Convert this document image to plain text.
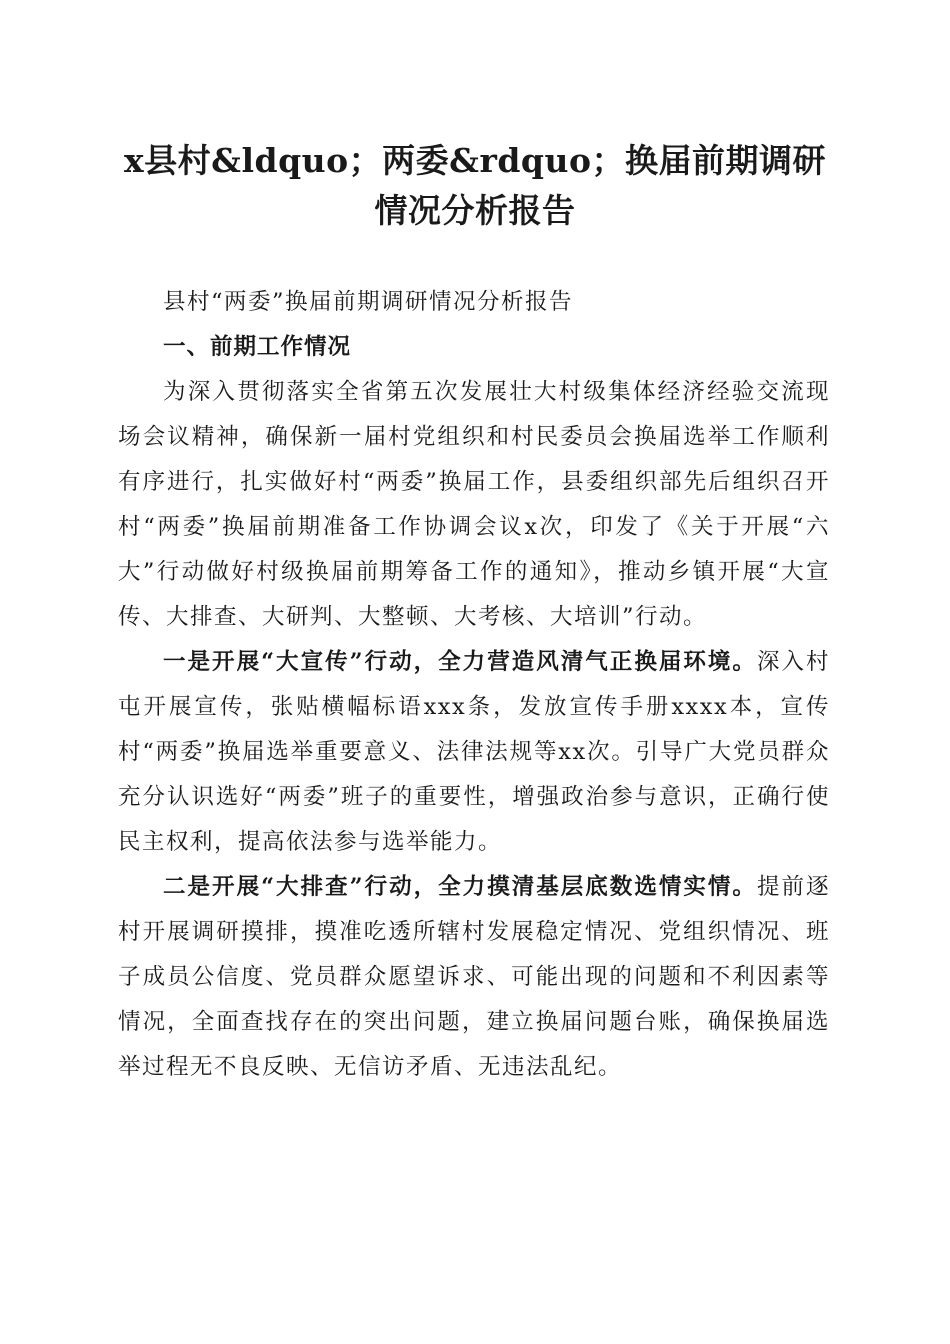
x县村&ldquo；两委&rdquo；换届前期调研
情况分析报告

县村“两委”换届前期调研情况分析报告

一、前期工作情况

为深入贯彻落实全省第五次发展壮大村级集体经济经验交流现场会议精神，确保新一届村党组织和村民委员会换届选举工作顺利有序进行，扎实做好村“两委”换届工作，县委组织部先后组织召开村“两委”换届前期准备工作协调会议x次，印发了《关于开展“六大”行动做好村级换届前期筹备工作的通知》，推动乡镇开展“大宣传、大排查、大研判、大整顿、大考核、大培训”行动。

一是开展“大宣传”行动，全力营造风清气正换届环境。深入村屯开展宣传，张贴横幅标语xxx条，发放宣传手册xxxx本，宣传村“两委”换届选举重要意义、法律法规等xx次。引导广大党员群众充分认识选好“两委”班子的重要性，增强政治参与意识，正确行使民主权利，提高依法参与选举能力。

二是开展“大排查”行动，全力摸清基层底数选情实情。提前逐村开展调研摸排，摸准吃透所辖村发展稳定情况、党组织情况、班子成员公信度、党员群众愿望诉求、可能出现的问题和不利因素等情况，全面查找存在的突出问题，建立换届问题台账，确保换届选举过程无不良反映、无信访矛盾、无违法乱纪。
